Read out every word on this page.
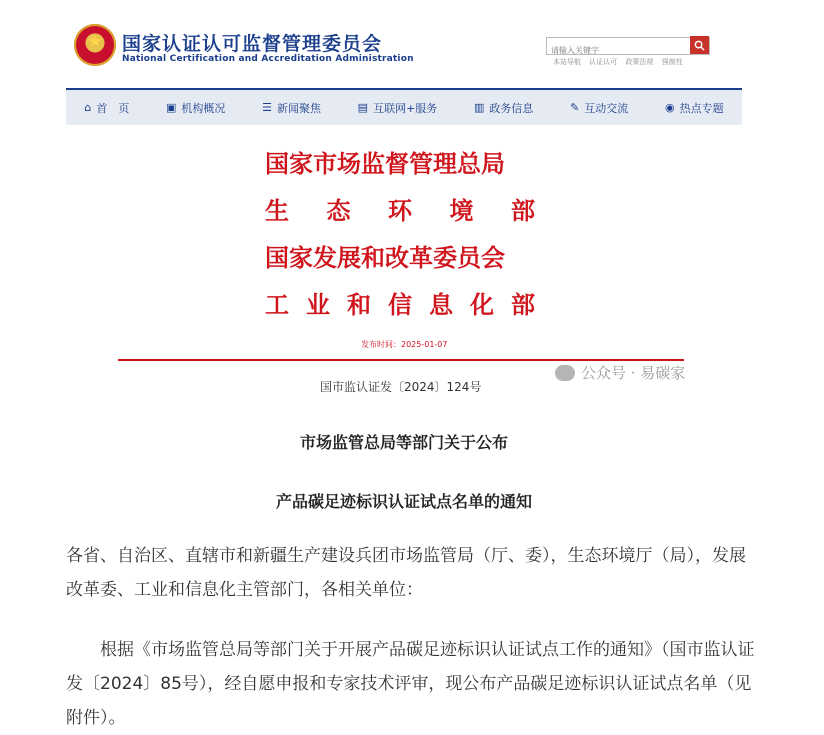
★ 国家认证认可监督管理委员会
National Certification and Accreditation Administration
请输入关键字	本站导航 认证认可 政策法规 强制性
⌂ 首　页	▣ 机构概况	☰ 新闻聚焦	▤ 互联网+服务	▥ 政务信息	✎ 互动交流	◉ 热点专题
国家市场监督管理总局
生 态 环 境 部
国家发展和改革委员会
工 业 和 信 息 化 部
发布时间：2025-01-07
国市监认证发〔2024〕124号
公众号 · 易碳家
市场监管总局等部门关于公布
产品碳足迹标识认证试点名单的通知
各省、自治区、直辖市和新疆生产建设兵团市场监管局（厅、委），生态环境厅（局），发展改革委、工业和信息化主管部门，各相关单位：
　　根据《市场监管总局等部门关于开展产品碳足迹标识认证试点工作的通知》（国市监认证发〔2024〕85号），经自愿申报和专家技术评审，现公布产品碳足迹标识认证试点名单（见附件）。
